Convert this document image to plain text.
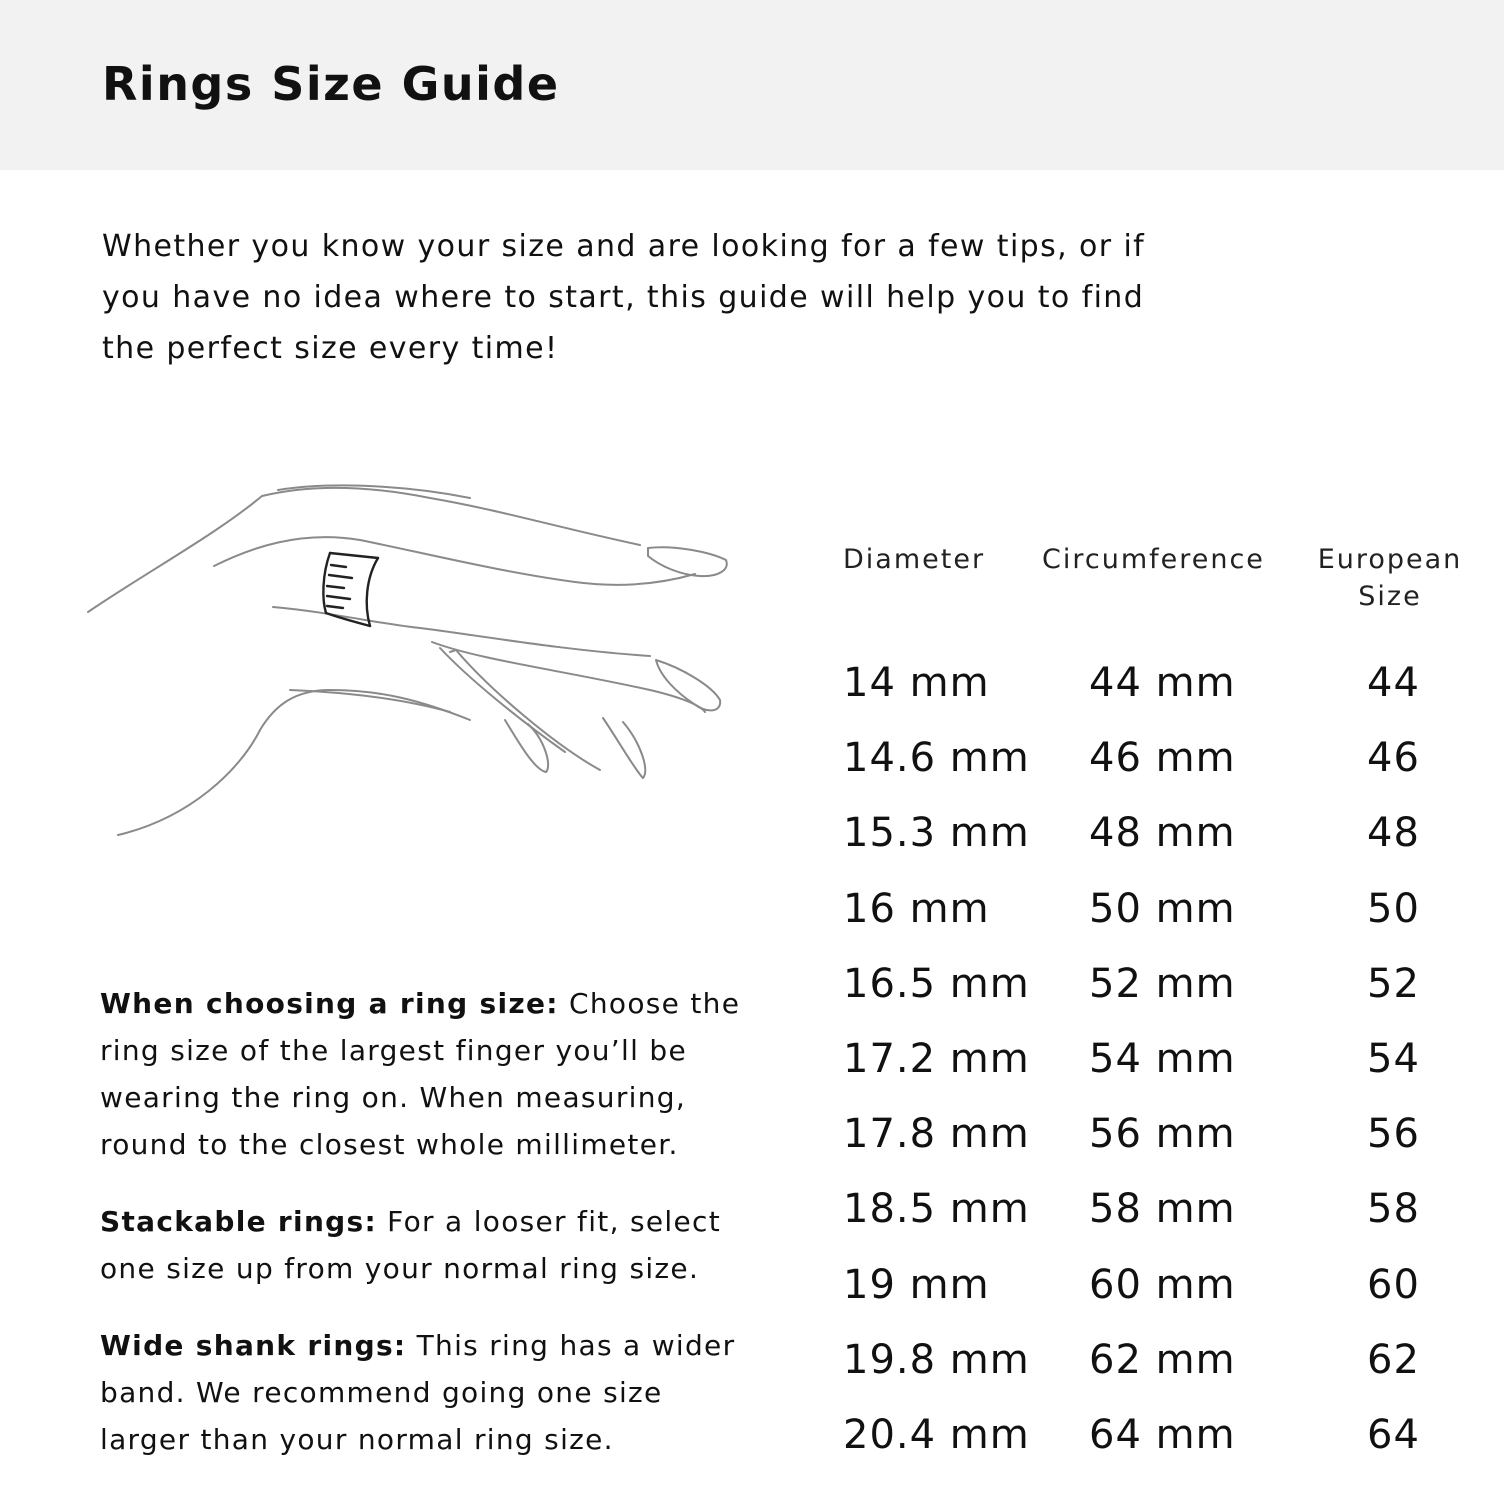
Rings Size Guide
Whether you know your size and are looking for a few tips, or if
you have no idea where to start, this guide will help you to find
the perfect size every time!

When choosing a ring size: Choose the
ring size of the largest finger you’ll be
wearing the ring on. When measuring,
round to the closest whole millimeter.

Stackable rings: For a looser fit, select
one size up from your normal ring size.

Wide shank rings: This ring has a wider
band. We recommend going one size
larger than your normal ring size.

Diameter Circumference European
Size
14 mm 44 mm	44
14.6 mm 46 mm	46
15.3 mm 48 mm	48
16 mm 50 mm	50
16.5 mm 52 mm	52
17.2 mm 54 mm	54
17.8 mm 56 mm	56
18.5 mm 58 mm	58
19 mm 60 mm	60
19.8 mm 62 mm	62
20.4 mm 64 mm	64
